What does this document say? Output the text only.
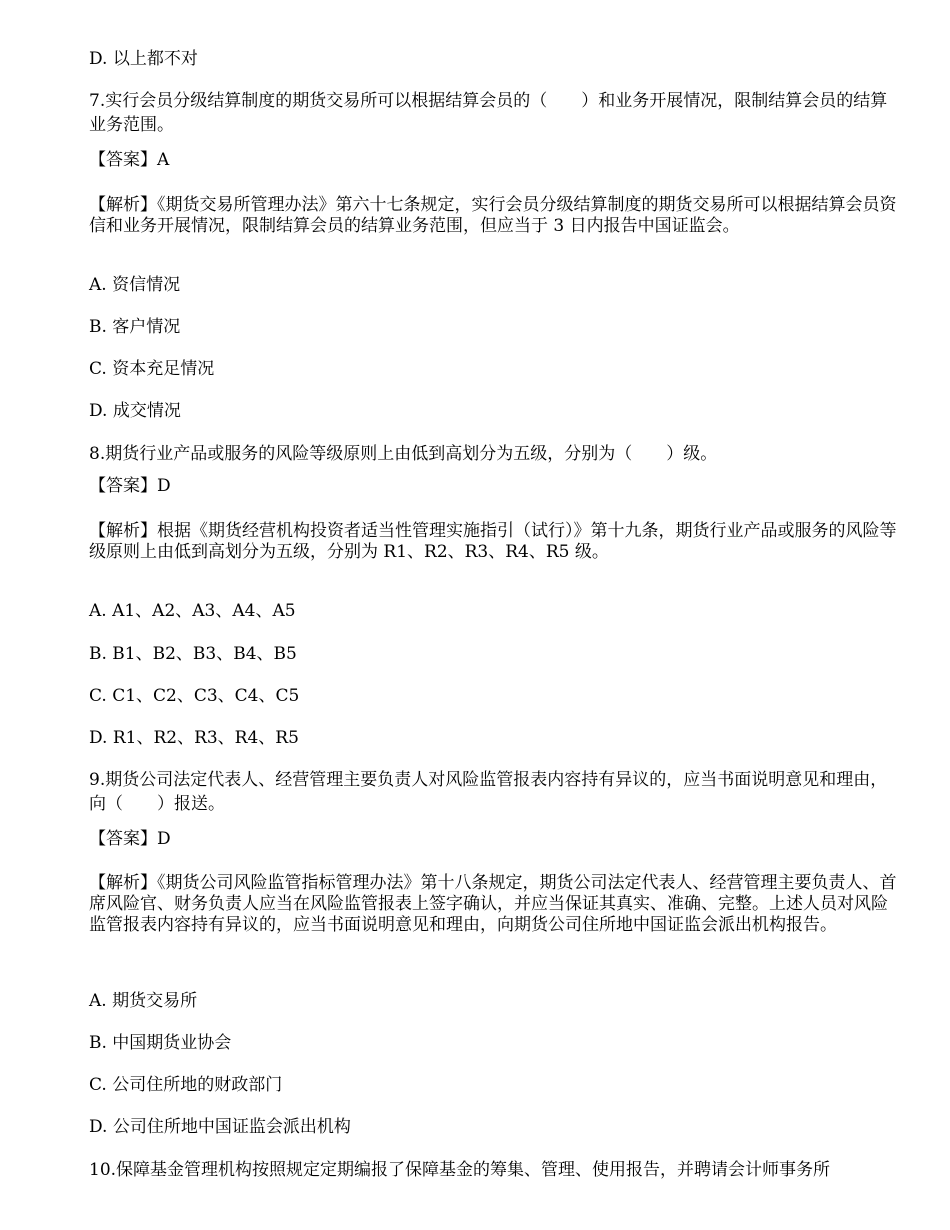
D. 以上都不对
7.实行会员分级结算制度的期货交易所可以根据结算会员的（　　）和业务开展情况，限制结算会员的结算业务范围。
【答案】A
【解析】《期货交易所管理办法》第六十七条规定，实行会员分级结算制度的期货交易所可以根据结算会员资信和业务开展情况，限制结算会员的结算业务范围，但应当于 3 日内报告中国证监会。
A. 资信情况
B. 客户情况
C. 资本充足情况
D. 成交情况
8.期货行业产品或服务的风险等级原则上由低到高划分为五级，分别为（　　）级。
【答案】D
【解析】根据《期货经营机构投资者适当性管理实施指引（试行）》第十九条，期货行业产品或服务的风险等级原则上由低到高划分为五级，分别为 R1、R2、R3、R4、R5 级。
A. A1、A2、A3、A4、A5
B. B1、B2、B3、B4、B5
C. C1、C2、C3、C4、C5
D. R1、R2、R3、R4、R5
9.期货公司法定代表人、经营管理主要负责人对风险监管报表内容持有异议的，应当书面说明意见和理由，向（　　）报送。
【答案】D
【解析】《期货公司风险监管指标管理办法》第十八条规定，期货公司法定代表人、经营管理主要负责人、首席风险官、财务负责人应当在风险监管报表上签字确认，并应当保证其真实、准确、完整。上述人员对风险监管报表内容持有异议的，应当书面说明意见和理由，向期货公司住所地中国证监会派出机构报告。
A. 期货交易所
B. 中国期货业协会
C. 公司住所地的财政部门
D. 公司住所地中国证监会派出机构
10.保障基金管理机构按照规定定期编报了保障基金的筹集、管理、使用报告，并聘请会计师事务所
